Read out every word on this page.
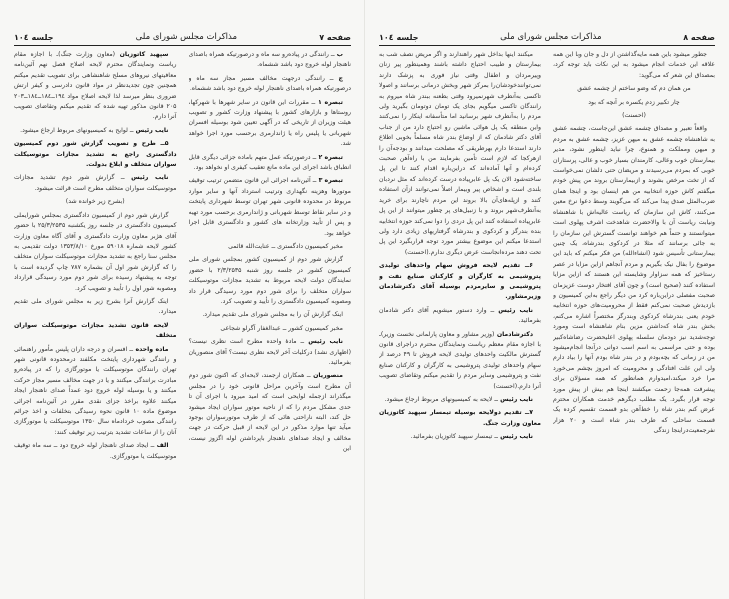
صفحه ۷
مذاکرات مجلس شورای ملی
جلسه ۱۰٤

ب ــ رانندگی در پیاده‌رو سه ماه و درصورتیکه همراه باصدای ناهنجار لوله خروج دود باشد ششماه.

ج ــ رانندگی درجهت مخالف مسیر مجاز سه ماه و درصورتیکه همراه باصدای ناهنجار لوله خروج دود باشد ششماه.

تبصره ۱ ــ مقررات این قانون در سایر شهرها با شهرکها، روستاها و بازارهای کشور با پیشنهاد وزارت کشور و تصویب هیئت وزیران از تاریخی که در آگهی تعیین شود بوسیله افسران شهربانی یا پلیس راه یا ژاندارمری برحسب مورد اجرا خواهد شد.

تبصره ۲ ــ درصورتیکه عمل متهم باماده جزائی دیگری قابل انطباق باشد اجرای این ماده مانع تعقیب کیفری او نخواهد بود.

تبصره ۳ ــ آئین‌نامه اجرائی این قانون متضمن ترتیب توقیف موتورها وهزینه نگهداری وترتیب استرداد آنها و سایر موارد مربوط در محدوده قانونی شهر تهران توسط شهرداری پایتخت و در سایر نقاط توسط شهربانی و ژاندارمری برحسب مورد تهیه و پس از تأیید وزارتخانه های کشور و دادگستری قابل اجرا خواهد بود.

مخبر کمیسیون دادگستری ــ عنایت‌الله قائمی

گزارش شور دوم از کمیسیون کشور بمجلس شورای ملی کمیسیون کشور در جلسه روز شنبه ۲/۳/۲۵۳۵ با حضور نمایندگان دولت لایحه مربوط به تشدید مجازات موتوسیکلت سواران متخلف را برای شور دوم مورد رسیدگی قرار داد ومصوبه کمیسیون دادگستری را تأیید و تصویب کرد.

اینک گزارش آن را به مجلس شورای ملی تقدیم میدارد.

مخبر کمیسیون کشور ــ عبدالغفار آگرلو شجاعی

نایب رئیس ــ مادهٔ واحده مطرح است نظری نیست؟ (اظهاری نشد) درکلیات آخر لایحه نظری نیست؟ آقای منصوریان بفرمائید.

منصوریان ــ همکاران ارجمند، لایحه‌ای که اکنون شور دوم آن مطرح است وآخرین مراحل قانونی خود را در مجلس میگذراند ازجمله لوایحی است که امید میرود با اجرای آن تا حدی مشکل مردم را که از ناحیه موتور سواران ایجاد میشود حل کند، البته ناراحتی هائی که از طرف موتورسواران بوجود میآید تنها موارد مذکور در این لایحه از قبیل حرکت در جهت مخالف و ایجاد صداهای ناهنجار باپرداشتن لوله اگزوز نیست، این

سپهبد کاتوزیان (معاون وزارت جنگ)ـ با اجازه مقام ریاست ونمایندگان محترم لایحه اصلاح فصل نهم آئین‌نامه معافیتهای نیروهای مسلح شاهنشاهی برای تصویب تقدیم میکنم همچنین چون تجدیدنظر در مواد قانون دادرسی و کیفر ارتش ضروری بنظر میرسد لذا لایحه اصلاح مواد ۱۹٤ــ۱۸٤ــ۱۸٤ــ۲۰۳ ۲۰۵ قانون مذکور تهیه شده که تقدیم میکنم وتقاضای تصویب آنرا دارم.

نایب رئیس ــ لوایح به کمیسیونهای مربوط ارجاع میشود.

۵ــ طرح و تصویب گزارش شور دوم کمیسیون دادگستری راجع به تشدید مجازات موتوسیکلت سواران متخلف و ابلاغ بدولت.

نایب رئیس ــ گزارش شور دوم تشدید مجازات موتوسیکلت سواران متخلف مطرح است قرائت میشود.

(بشرح زیر خوانده شد)

گزارش شور دوم از کمیسیون دادگستری بمجلس شورایملی کمیسیون دادگستری در جلسه روز یکشنبه ۲۵/۳/۲۵۳۵ با حضور آقای هژبر معاون وزارت دادگستری و آقای آگاه معاون وزارت کشور لایحه شماره ۵۹۰۱۸ مورخ ۱۳۵۳/۸/۱۰ دولت تقدیمی به مجلس سنا راجع به تشدید مجازات موتوسیکلت سواران متخلف را که گزارش شور اول آن بشماره ۷۸۷ چاپ گردیده است با توجه به پیشنهاد رسیده برای شور دوم مورد رسیدگی قرارداد ومصوبه شور اول را تأیید و تصویب کرد.

اینک گزارش آنرا بشرح زیر به مجلس شورای ملی تقدیم میدارد.

لایحه قانون تشدید مجازات موتوسیکلت سواران متخلف

ماده واحده ــ افسران و درجه داران پلیس مأمور راهنمائی و رانندگی شهرداری پایتخت مکلفند درمحدوده قانونی شهر تهران رانندگان موتوسیکلت یا موتورگازی را که در پیاده‌رو مبادرت برانندگی میکنند و یا در جهت مخالف مسیر مجاز حرکت میکنند و یا بوسیله لوله خروج دود عمداً صدای ناهنجار ایجاد میکنند علاوه براخذ جزای نقدی مقرر در آئین‌نامه اجرائی موضوع ماده ۱۰ قانون نحوه رسیدگی بتخلفات و اخذ جرائم رانندگی مصوب خردادماه سال ۱۳۵۰ موتوسیکلت یا موتورگازی آنان را از ساعات تشدید بترتیب زیر توقیف کنند:

الف ــ ایجاد صدای ناهنجار لوله خروج دود ــ سه ماه توقیف موتوسیکلت یا موتورگازی.

صفحه ۸
مذاکرات مجلس شورای ملی
جلسه ۱۰٤

جطور میشود باین همه مایه‌گذاشتن از دل و جان وبا این همه علاقه این خدمات انجام میشود به این نکات باید توجه کرد، بمصداق این شعر که می‌گوید:

من همان دم که وضو ساختم از چشمه عشق

چار تکبیر زدم یکسره بر آنچه که بود

(احسنت)

واقعاً تعبیر و مصداق چشمه عشق این‌جاست، چشمه عشق به شاهنشاه چشمه عشق به میهن عزیز، چشمه عشق به مردم و میهن ومملکت و همنوع، چرا نباید اینطور نشود، مدیر بیمارستان خوب وعالی، کارمندان بسیار خوب و عالی، پرستاران خوبی که بمردم می‌رسیدند و مریضان حتی دلشان نمی‌خواست که از تخت مرخص بشوند و ازبیمارستان بروند من پیش خودم میگفتم کاش حوزه انتخابیه من هم اینسان بود و اینجا همان ضرب‌المثل صدق پیدا می‌کند که می‌گویند وسط دعوا نرخ معین می‌کنند، کاش این سازمان که ریاست عالیه‌اش با شاهنشاه ونیابت ریاست آن با والاحضرت شاهدخت اشرف پهلوی است میتوانستند و حتماً هم خواهند توانست گسترش این سازمان را به جائی برسانند که مثلا در کردکوی بندرشاه، یک چنین بیمارستانی تأسیس شود (انشاءالله) من فکر میکنم که باید این موضوع را بفال نیک بگیریم و مردم آنجاهم ازاین مزایا در عصر رستاخیز که همه سزاوار وشایسته این هستند که ازاین مزایا استفاده کنند (صحیح است) و چون آقای افتخار دوست عزیزمان صحبت مفصلی دراین‌باره کرد من دیگر راجع به‌این کمیسیون و بازدیدش صحبت نمی‌کنم فقط از محرومیت‌های حوزه انتخابیه خودم یعنی بندرشاه کردکوی وبندرگز مختصراً اشاره می‌کنم، بخش بندر شاه که‌داشتن مزین بنام شاهنشاه است ومورد توجه‌شدید نیز دودمان سلسله پهلوی اعلیحضرت رضاشاه‌کبیر بوده و حتی مراسمی به اسم اسب دوانی درآنجا انجام‌میشود من در زمانی که بچه‌بودم و در بندر شاه بودم آنها را بیاد دارم ولی این علت افتادگی و محرومیت که امروز بچشم می‌خورد مرا خرد میکند،امیدوارم همانطور که همه مسؤلان برای پیشرفت همه‌جا زحمت میکشند اینجا هم بیش از پیش مورد توجه قرار بگیرد. یک مطلب دیگرهم خدمت همکاران محترم عرض کنم بندر شاه را خط‌آهن بدو قسمت تقسیم کرده یک قسمت ساحلی که طرف بندر شاه است و ۲۰ هزار نفرجمعیت‌دراینجا زندگی

میکنند اینها بداخل شهر راهندارند و اگر مریض نصف شب به بیمارستان و طبیب احتیاج داشته باشند وهمینطور پیر زنان وپیرمردان و اطفال وقتی نیاز فوری به پزشک دارند نمی‌توانندخودشان‌را بمرکز شهر وبخش درمانی برسانند و اصولا تاکسی به‌آنطرف شهرنمیرود وقتی بطعنه ببندر شاه میروم به رانندگان تاکسی میگویم بجای یک تومان دوتومان بگیرید ولی مردم را به‌آنطرف شهر برسانید اما متأسفانه اینکار را نمی‌کنند واین منطقه یک پل هوائی ماشین رو احتیاج دارد من از جناب آقای دکتر شادمان که از اوضاع بندر شاه مسلماً بخوبی اطلاع دارند استدعا دارم بهرطریقی که مصلحت میدانند و بودجه‌آن را ازهرکجا که لازم است تأمین بفرمایند من با راه‌آهن صحبت کرده‌ام و آنها آماده‌اند که دراین‌باره اقدام کنند تا این پل ساخته‌شود الان یک پل عابرپیاده درست کرده‌اند که مثل نردبان بلندی است و اشخاص پیر وبیمار اصلاً نمی‌توانند ازآن استفاده کنند و ازپله‌های‌آن بالا بروند این مردم ناچارند برای خرید به‌آنطرف‌شهر بروند و با زنبیل‌های پر چطور میتوانند از این پل عابرپیاده استفاده کنند این پل دردی را دوا نمی‌کند حوزه انتخابیه بنده بندرگز و کردکوی و بندرشاه گرفتاریهای زیادی دارد ولی استدعا میکنم این موضوع بیشتر مورد توجه قراربگیرد این پل تحت دهند مرده‌انجاست عرض دیگری ندارم.(احسنت)

۶ــ تقدیم لایحه فروش سهام واحدهای تولیدی پتروشیمی به کارگران و کارکنان صنایع نفت و پتروشیمی و سایرمردم بوسیله آقای دکترشادمان وزیرمشاور.

نایب رئیس ــ وارد دستور میشویم آقای دکتر شادمان بفرمائید.

دکترشادمان (وزیر مشاور و معاون پارلمانی نخست وزیر)ـ با اجازه مقام معظم ریاست ونمایندگان محترم دراجرای قانون گسترش مالکیت واحدهای تولیدی لایحه فروش تا ۴۹ درصد از سهام واحدهای تولیدی پتروشیمی به کارگران و کارکنان صنایع نفت و پتروشیمی وسایر مردم را تقدیم میکنم وتقاضای تصویب آنرا دارم.(احسنت)

نایب رئیس ــ لایحه به کمیسیونهای مربوط ارجاع میشود.

۷ــ تقدیم دولایحه بوسیله تیمسار سپهبد کاتوزیان معاون وزارت جنگ.

نایب رئیس ــ تیمسار سپهبد کاتوزیان بفرمائید.
